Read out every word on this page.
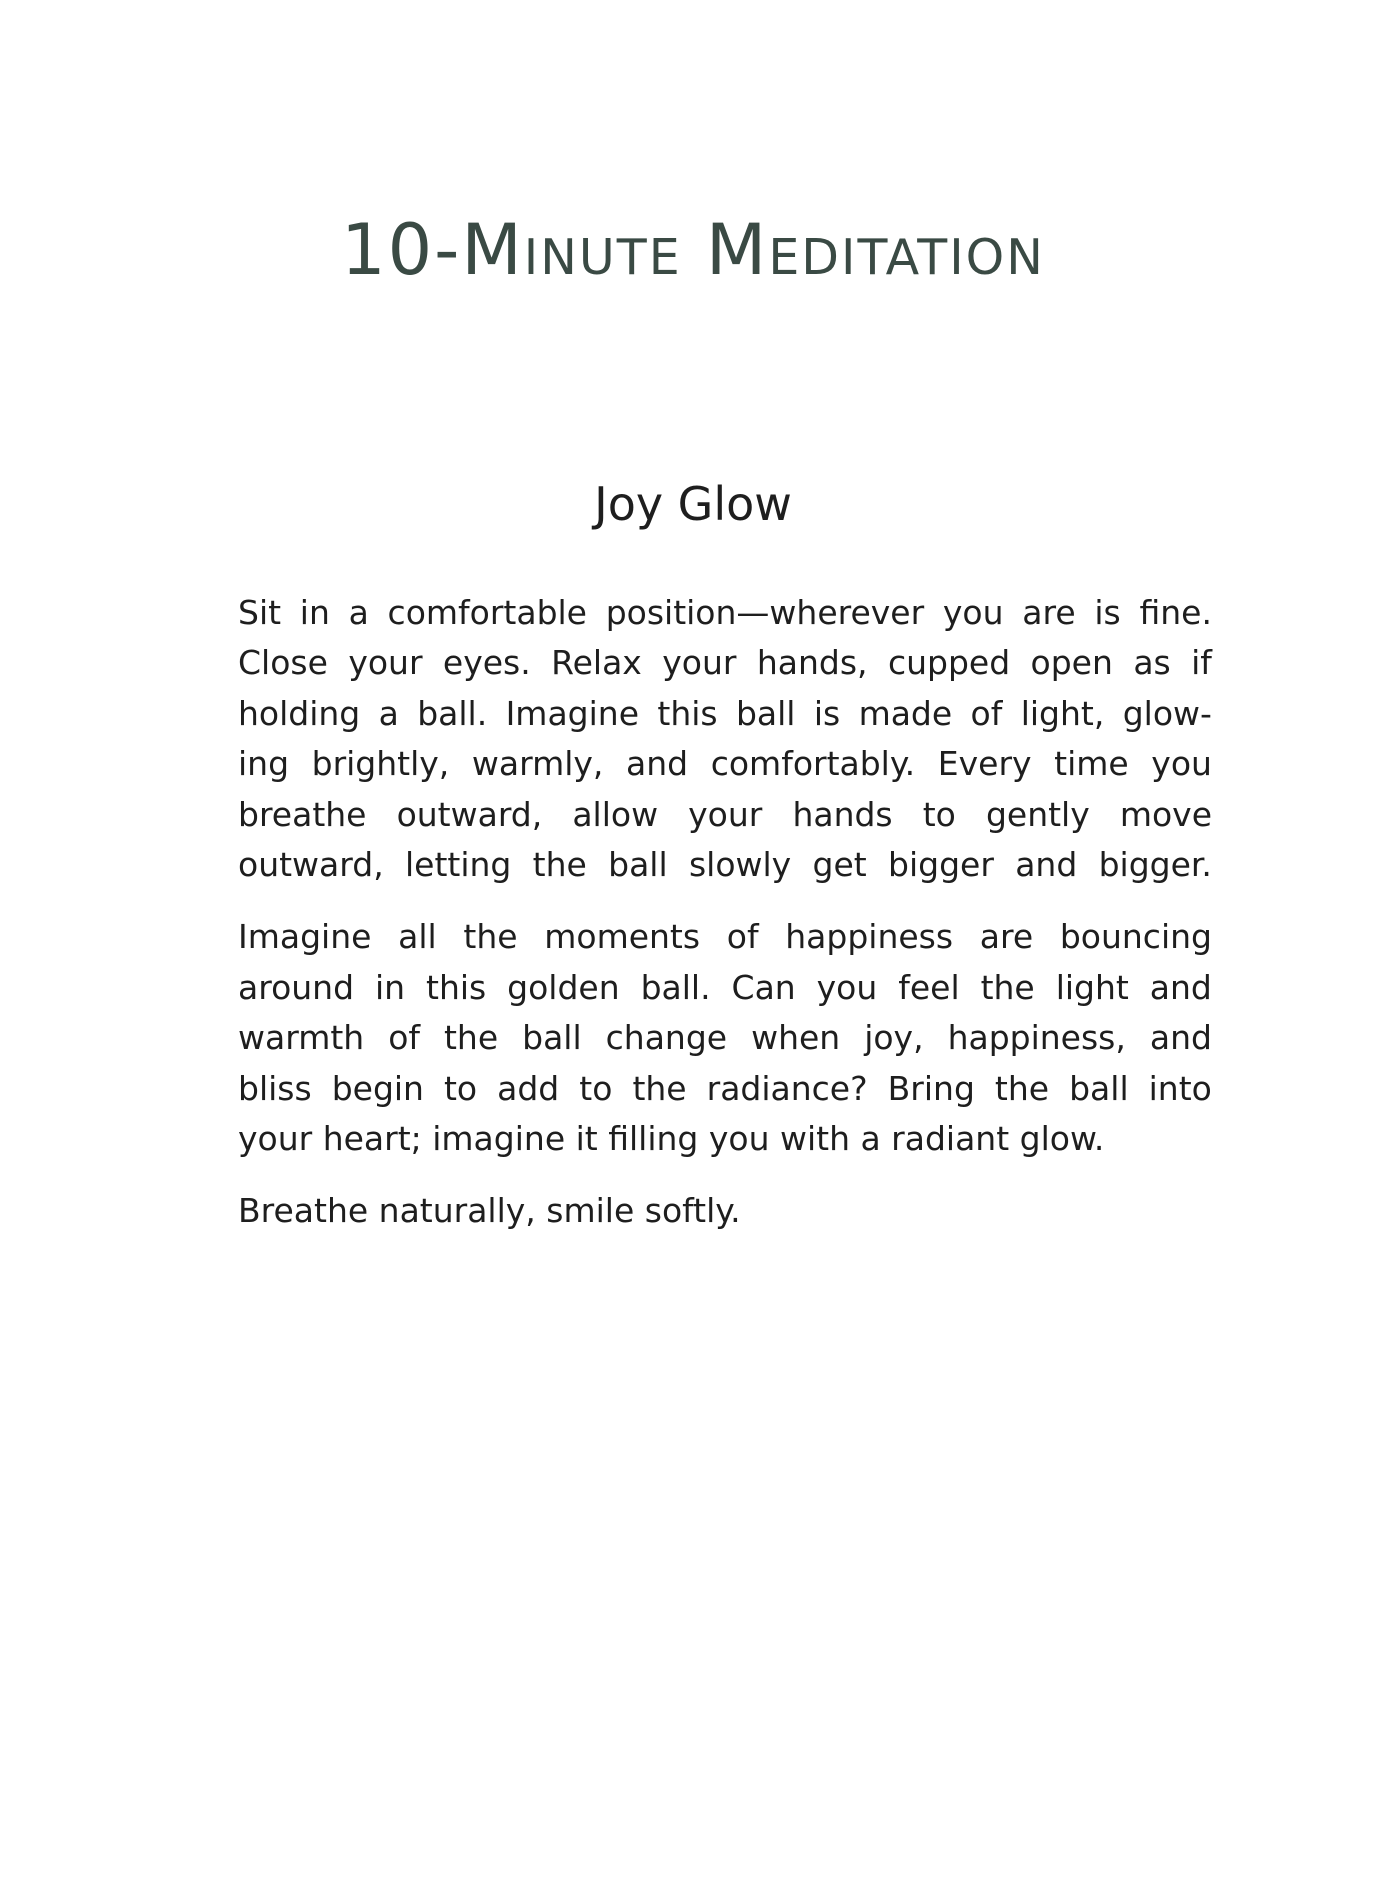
10-Minute Meditation
Joy Glow

Sit in a comfortable position—wherever you are is fine.
Close your eyes. Relax your hands, cupped open as if
holding a ball. Imagine this ball is made of light, glow-
ing brightly, warmly, and comfortably. Every time you
breathe outward, allow your hands to gently move
outward, letting the ball slowly get bigger and bigger.

Imagine all the moments of happiness are bouncing
around in this golden ball. Can you feel the light and
warmth of the ball change when joy, happiness, and
bliss begin to add to the radiance? Bring the ball into
your heart; imagine it filling you with a radiant glow.

Breathe naturally, smile softly.
